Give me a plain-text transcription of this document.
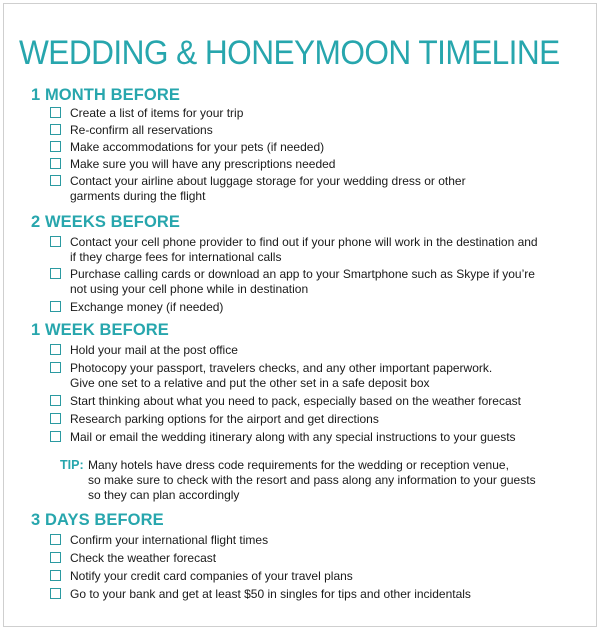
WEDDING & HONEYMOON TIMELINE
1 MONTH BEFORE
Create a list of items for your trip
Re-confirm all reservations
Make accommodations for your pets (if needed)
Make sure you will have any prescriptions needed
Contact your airline about luggage storage for your wedding dress or other
garments during the flight
2 WEEKS BEFORE
Contact your cell phone provider to find out if your phone will work in the destination and
if they charge fees for international calls
Purchase calling cards or download an app to your Smartphone such as Skype if you’re
not using your cell phone while in destination
Exchange money (if needed)
1 WEEK BEFORE
Hold your mail at the post office
Photocopy your passport, travelers checks, and any other important paperwork.
Give one set to a relative and put the other set in a safe deposit box
Start thinking about what you need to pack, especially based on the weather forecast
Research parking options for the airport and get directions
Mail or email the wedding itinerary along with any special instructions to your guests
TIP: Many hotels have dress code requirements for the wedding or reception venue,
so make sure to check with the resort and pass along any information to your guests
so they can plan accordingly
3 DAYS BEFORE
Confirm your international flight times
Check the weather forecast
Notify your credit card companies of your travel plans
Go to your bank and get at least $50 in singles for tips and other incidentals
